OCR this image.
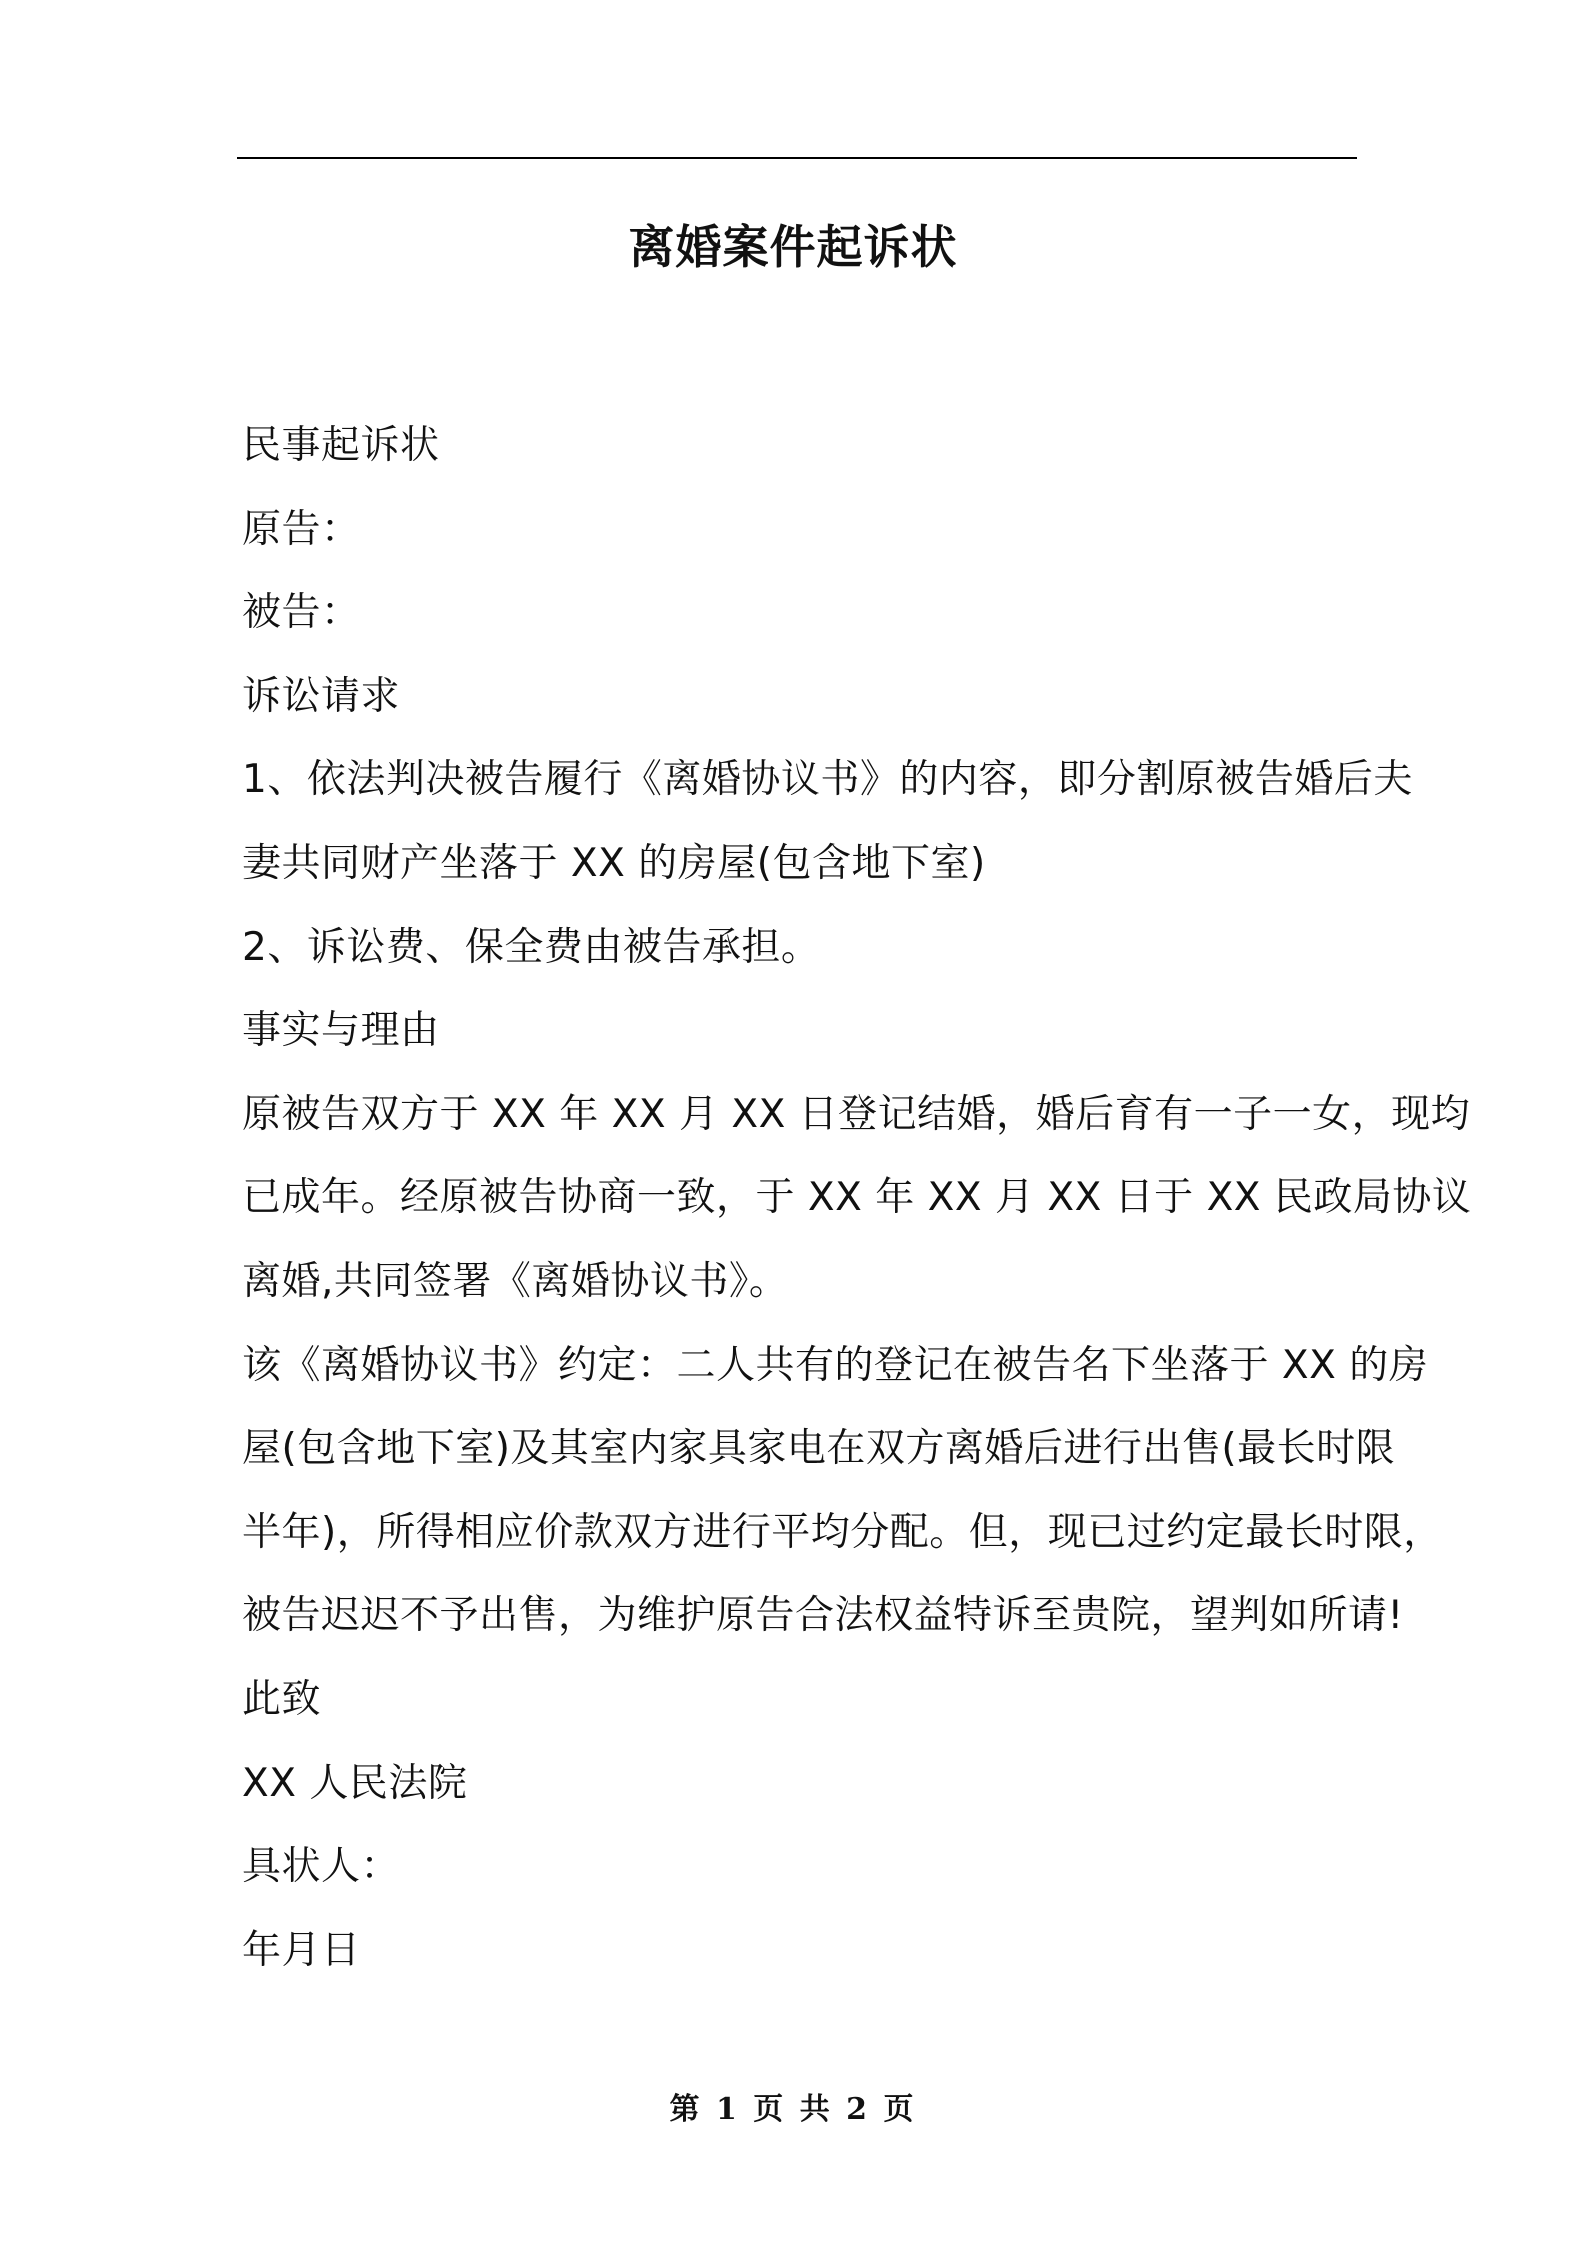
离婚案件起诉状
民事起诉状
原告：
被告：
诉讼请求
1、依法判决被告履行《离婚协议书》的内容，即分割原被告婚后夫
妻共同财产坐落于 XX 的房屋(包含地下室)
2、诉讼费、保全费由被告承担。
事实与理由
原被告双方于 XX 年 XX 月 XX 日登记结婚，婚后育有一子一女，现均
已成年。经原被告协商一致，于 XX 年 XX 月 XX 日于 XX 民政局协议
离婚,共同签署《离婚协议书》。
该《离婚协议书》约定：二人共有的登记在被告名下坐落于 XX 的房
屋(包含地下室)及其室内家具家电在双方离婚后进行出售(最长时限
半年)，所得相应价款双方进行平均分配。但，现已过约定最长时限，
被告迟迟不予出售，为维护原告合法权益特诉至贵院，望判如所请!
此致
XX 人民法院
具状人：
年月日
第 1 页 共 2 页
